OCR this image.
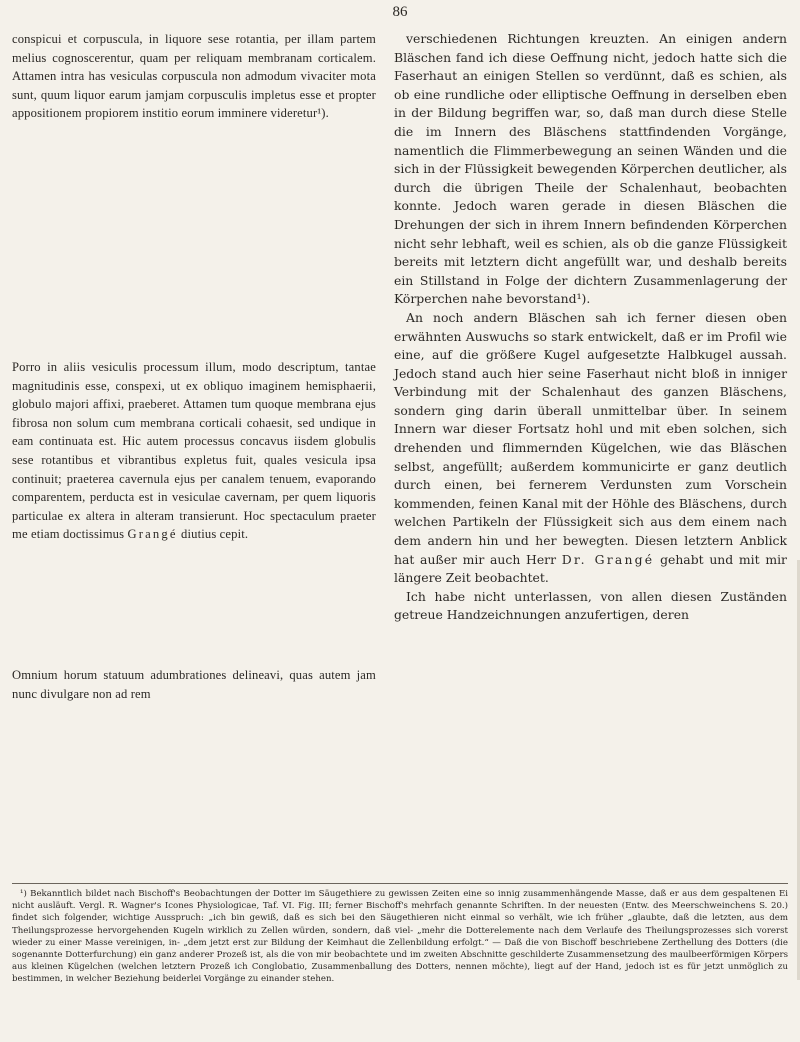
86

conspicui et corpuscula, in liquore sese rotantia, per illam partem melius cognoscerentur, quam per reliquam membranam corticalem. Attamen intra has vesiculas corpuscula non admodum vivaciter mota sunt, quum liquor earum jamjam corpusculis impletus esse et propter appositionem propiorem institio eorum imminere videretur¹).

Porro in aliis vesiculis processum illum, modo descriptum, tantae magnitudinis esse, conspexi, ut ex obliquo imaginem hemisphaerii, globulo majori affixi, praeberet. Attamen tum quoque membrana ejus fibrosa non solum cum membrana corticali cohaesit, sed undique in eam continuata est. Hic autem processus concavus iisdem globulis sese rotantibus et vibrantibus expletus fuit, quales vesicula ipsa continuit; praeterea cavernula ejus per canalem tenuem, evaporando comparentem, perducta est in vesiculae cavernam, per quem liquoris particulae ex altera in alteram transierunt. Hoc spectaculum praeter me etiam doctissimus Grangé diutius cepit.

Omnium horum statuum adumbrationes delineavi, quas autem jam nunc divulgare non ad rem

verschiedenen Richtungen kreuzten. An einigen andern Bläschen fand ich diese Oeffnung nicht, jedoch hatte sich die Faserhaut an einigen Stellen so verdünnt, daß es schien, als ob eine rundliche oder elliptische Oeffnung in derselben eben in der Bildung begriffen war, so, daß man durch diese Stelle die im Innern des Bläschens stattfindenden Vorgänge, namentlich die Flimmerbewegung an seinen Wänden und die sich in der Flüssigkeit bewegenden Körperchen deutlicher, als durch die übrigen Theile der Schalenhaut, beobachten konnte. Jedoch waren gerade in diesen Bläschen die Drehungen der sich in ihrem Innern befindenden Körperchen nicht sehr lebhaft, weil es schien, als ob die ganze Flüssigkeit bereits mit letztern dicht angefüllt war, und deshalb bereits ein Stillstand in Folge der dichtern Zusammenlagerung der Körperchen nahe bevorstand¹).

An noch andern Bläschen sah ich ferner diesen oben erwähnten Auswuchs so stark entwickelt, daß er im Profil wie eine, auf die größere Kugel aufgesetzte Halbkugel aussah. Jedoch stand auch hier seine Faserhaut nicht bloß in inniger Verbindung mit der Schalenhaut des ganzen Bläschens, sondern ging darin überall unmittelbar über. In seinem Innern war dieser Fortsatz hohl und mit eben solchen, sich drehenden und flimmernden Kügelchen, wie das Bläschen selbst, angefüllt; außerdem kommunicirte er ganz deutlich durch einen, bei fernerem Verdunsten zum Vorschein kommenden, feinen Kanal mit der Höhle des Bläschens, durch welchen Partikeln der Flüssigkeit sich aus dem einem nach dem andern hin und her bewegten. Diesen letztern Anblick hat außer mir auch Herr Dr. Grangé gehabt und mit mir längere Zeit beobachtet.

Ich habe nicht unterlassen, von allen diesen Zuständen getreue Handzeichnungen anzufertigen, deren

¹) Bekanntlich bildet nach Bischoff's Beobachtungen der Dotter im Säugethiere zu gewissen Zeiten eine so innig zusammenhängende Masse, daß er aus dem gespaltenen Ei nicht ausläuft. Vergl. R. Wagner's Icones Physiologicae, Taf. VI. Fig. III; ferner Bischoff's mehrfach genannte Schriften. In der neuesten (Entw. des Meerschweinchens S. 20.) findet sich folgender, wichtige Ausspruch: „ich bin gewiß, daß es sich bei den Säugethieren nicht einmal so verhält, wie ich früher „glaubte, daß die letzten, aus dem Theilungsprozesse hervorgehenden Kugeln wirklich zu Zellen würden, sondern, daß viel- „mehr die Dotterelemente nach dem Verlaufe des Theilungsprozesses sich vorerst wieder zu einer Masse vereinigen, in- „dem jetzt erst zur Bildung der Keimhaut die Zellenbildung erfolgt.“ — Daß die von Bischoff beschriebene Zerthellung des Dotters (die sogenannte Dotterfurchung) ein ganz anderer Prozeß ist, als die von mir beobachtete und im zweiten Abschnitte geschilderte Zusammensetzung des maulbeerförmigen Körpers aus kleinen Kügelchen (welchen letztern Prozeß ich Conglobatio, Zusammenballung des Dotters, nennen möchte), liegt auf der Hand, jedoch ist es für jetzt unmöglich zu bestimmen, in welcher Beziehung beiderlei Vorgänge zu einander stehen.
